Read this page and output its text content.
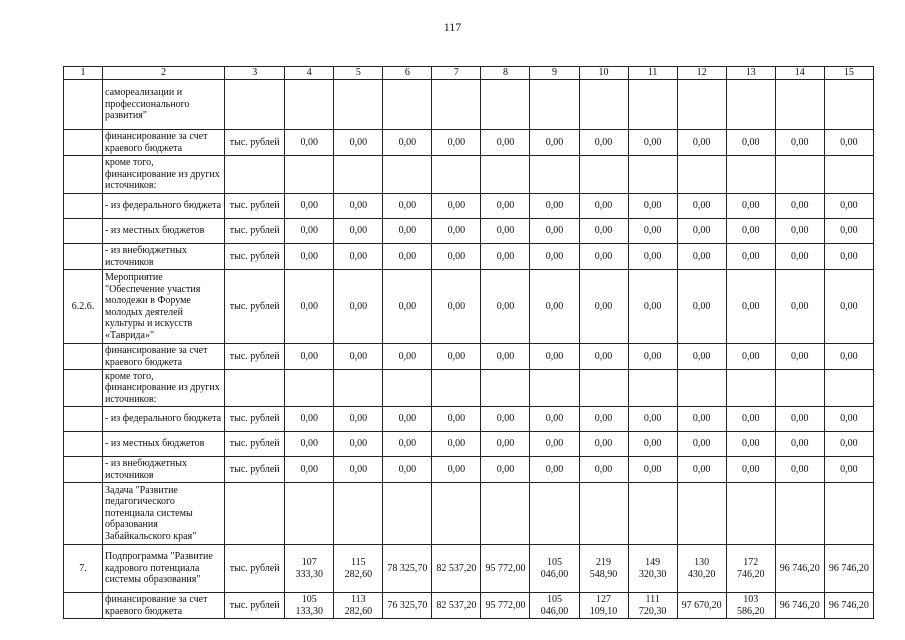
117
1	2	3	4	5	6	7	8	9	10	11	12	13	14	15
	самореализации и профессионального развития"													
	финансирование за счет краевого бюджета	тыс. рублей	0,00	0,00	0,00	0,00	0,00	0,00	0,00	0,00	0,00	0,00	0,00	0,00
	кроме того, финансирование из других источников:													
	- из федерального бюджета	тыс. рублей	0,00	0,00	0,00	0,00	0,00	0,00	0,00	0,00	0,00	0,00	0,00	0,00
	- из местных бюджетов	тыс. рублей	0,00	0,00	0,00	0,00	0,00	0,00	0,00	0,00	0,00	0,00	0,00	0,00
	- из внебюджетных источников	тыс. рублей	0,00	0,00	0,00	0,00	0,00	0,00	0,00	0,00	0,00	0,00	0,00	0,00
6.2.6.	Мероприятие "Обеспечение участия молодежи в Форуме молодых деятелей культуры и искусств «Таврида»"	тыс. рублей	0,00	0,00	0,00	0,00	0,00	0,00	0,00	0,00	0,00	0,00	0,00	0,00
	финансирование за счет краевого бюджета	тыс. рублей	0,00	0,00	0,00	0,00	0,00	0,00	0,00	0,00	0,00	0,00	0,00	0,00
	кроме того, финансирование из других источников:													
	- из федерального бюджета	тыс. рублей	0,00	0,00	0,00	0,00	0,00	0,00	0,00	0,00	0,00	0,00	0,00	0,00
	- из местных бюджетов	тыс. рублей	0,00	0,00	0,00	0,00	0,00	0,00	0,00	0,00	0,00	0,00	0,00	0,00
	- из внебюджетных источников	тыс. рублей	0,00	0,00	0,00	0,00	0,00	0,00	0,00	0,00	0,00	0,00	0,00	0,00
	Задача "Развитие педагогического потенциала системы образования Забайкальского края"													
7.	Подпрограмма "Развитие кадрового потенциала системы образования"	тыс. рублей	107 333,30	115 282,60	78 325,70	82 537,20	95 772,00	105 046,00	219 548,90	149 320,30	130 430,20	172 746,20	96 746,20	96 746,20
	финансирование за счет краевого бюджета	тыс. рублей	105 133,30	113 282,60	76 325,70	82 537,20	95 772,00	105 046,00	127 109,10	111 720,30	97 670,20	103 586,20	96 746,20	96 746,20
